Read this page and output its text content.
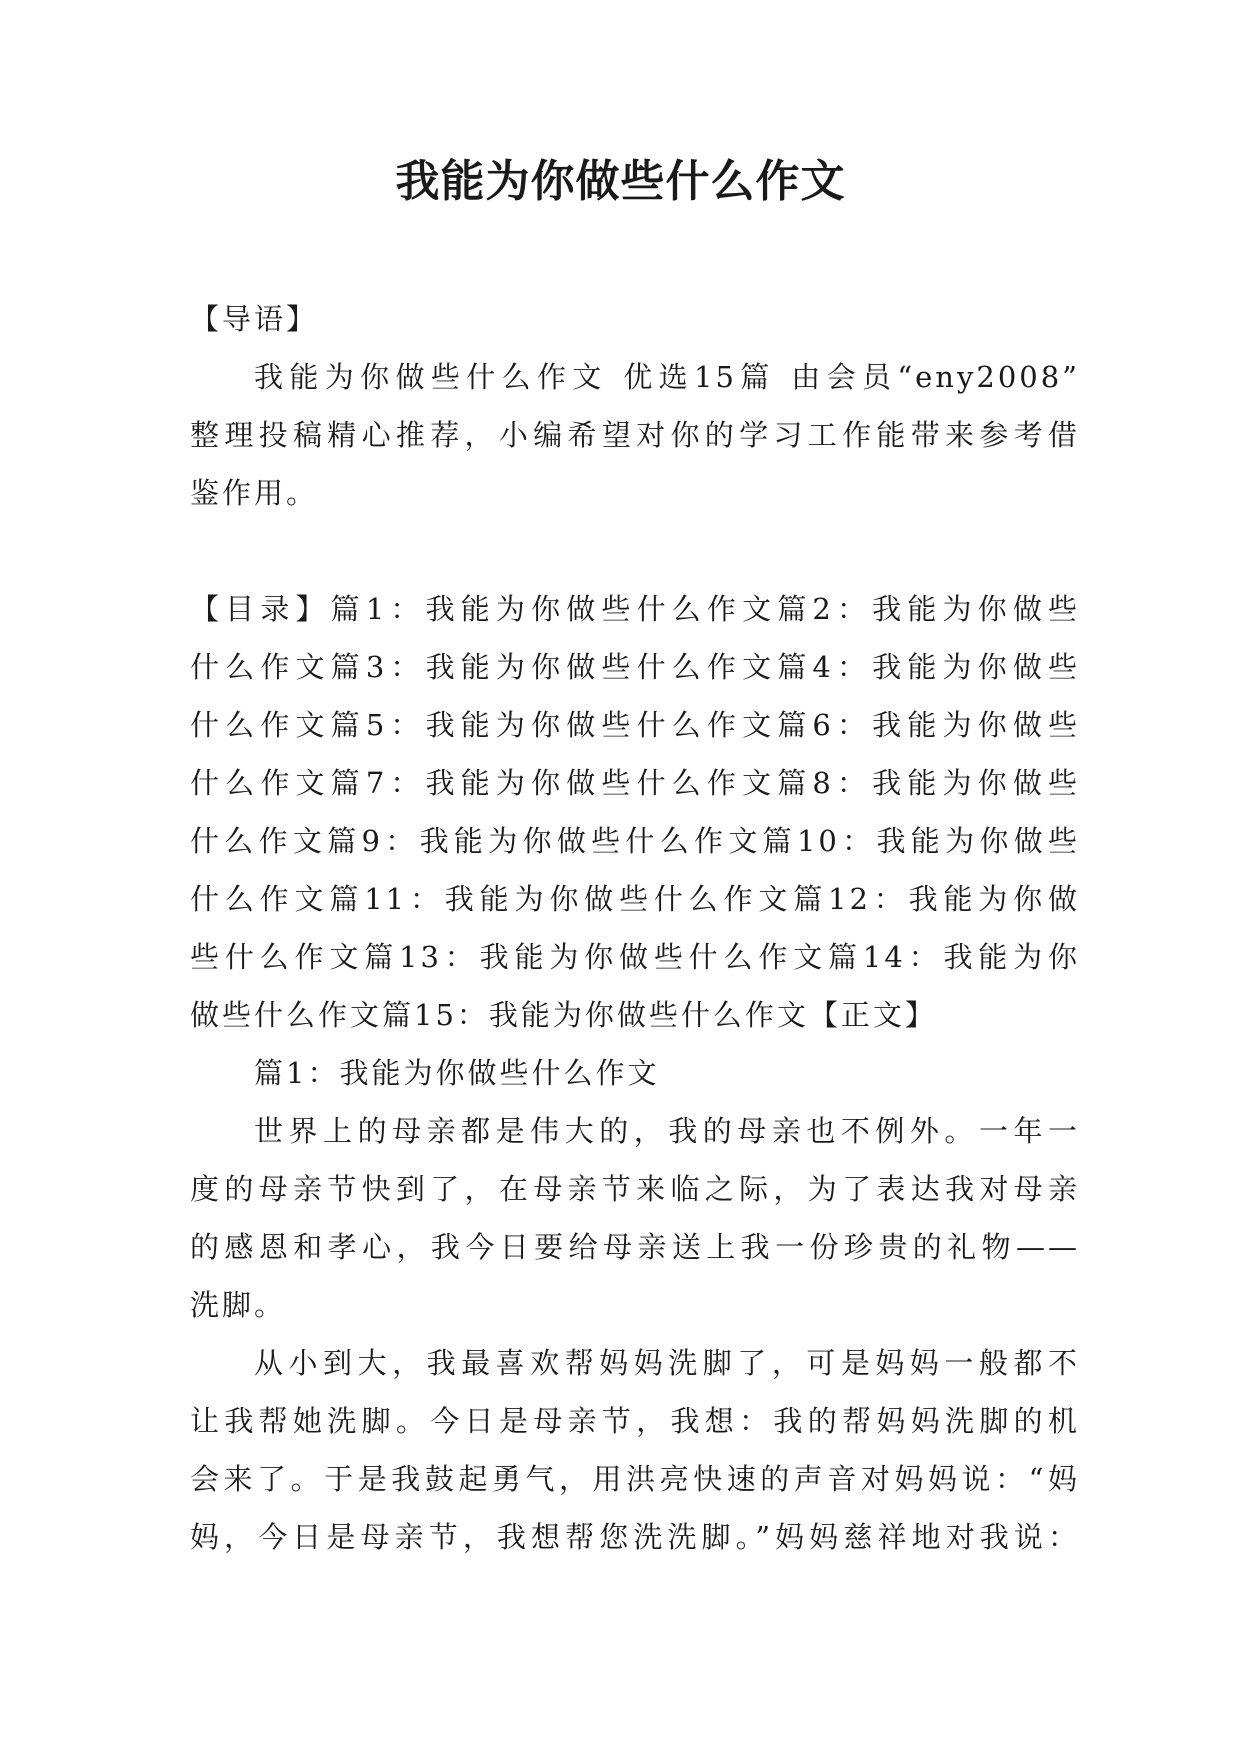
我能为你做些什么作文

【导语】

我能为你做些什么作文 优选15篇 由会员“eny2008”

整理投稿精心推荐，小编希望对你的学习工作能带来参考借

鉴作用。

【目录】篇1：我能为你做些什么作文篇2：我能为你做些

什么作文篇3：我能为你做些什么作文篇4：我能为你做些

什么作文篇5：我能为你做些什么作文篇6：我能为你做些

什么作文篇7：我能为你做些什么作文篇8：我能为你做些

什么作文篇9：我能为你做些什么作文篇10：我能为你做些

什么作文篇11：我能为你做些什么作文篇12：我能为你做

些什么作文篇13：我能为你做些什么作文篇14：我能为你

做些什么作文篇15：我能为你做些什么作文【正文】

篇1：我能为你做些什么作文

世界上的母亲都是伟大的，我的母亲也不例外。一年一

度的母亲节快到了，在母亲节来临之际，为了表达我对母亲

的感恩和孝心，我今日要给母亲送上我一份珍贵的礼物——

洗脚。

从小到大，我最喜欢帮妈妈洗脚了，可是妈妈一般都不

让我帮她洗脚。今日是母亲节，我想：我的帮妈妈洗脚的机

会来了。于是我鼓起勇气，用洪亮快速的声音对妈妈说：“妈

妈，今日是母亲节，我想帮您洗洗脚。”妈妈慈祥地对我说：
